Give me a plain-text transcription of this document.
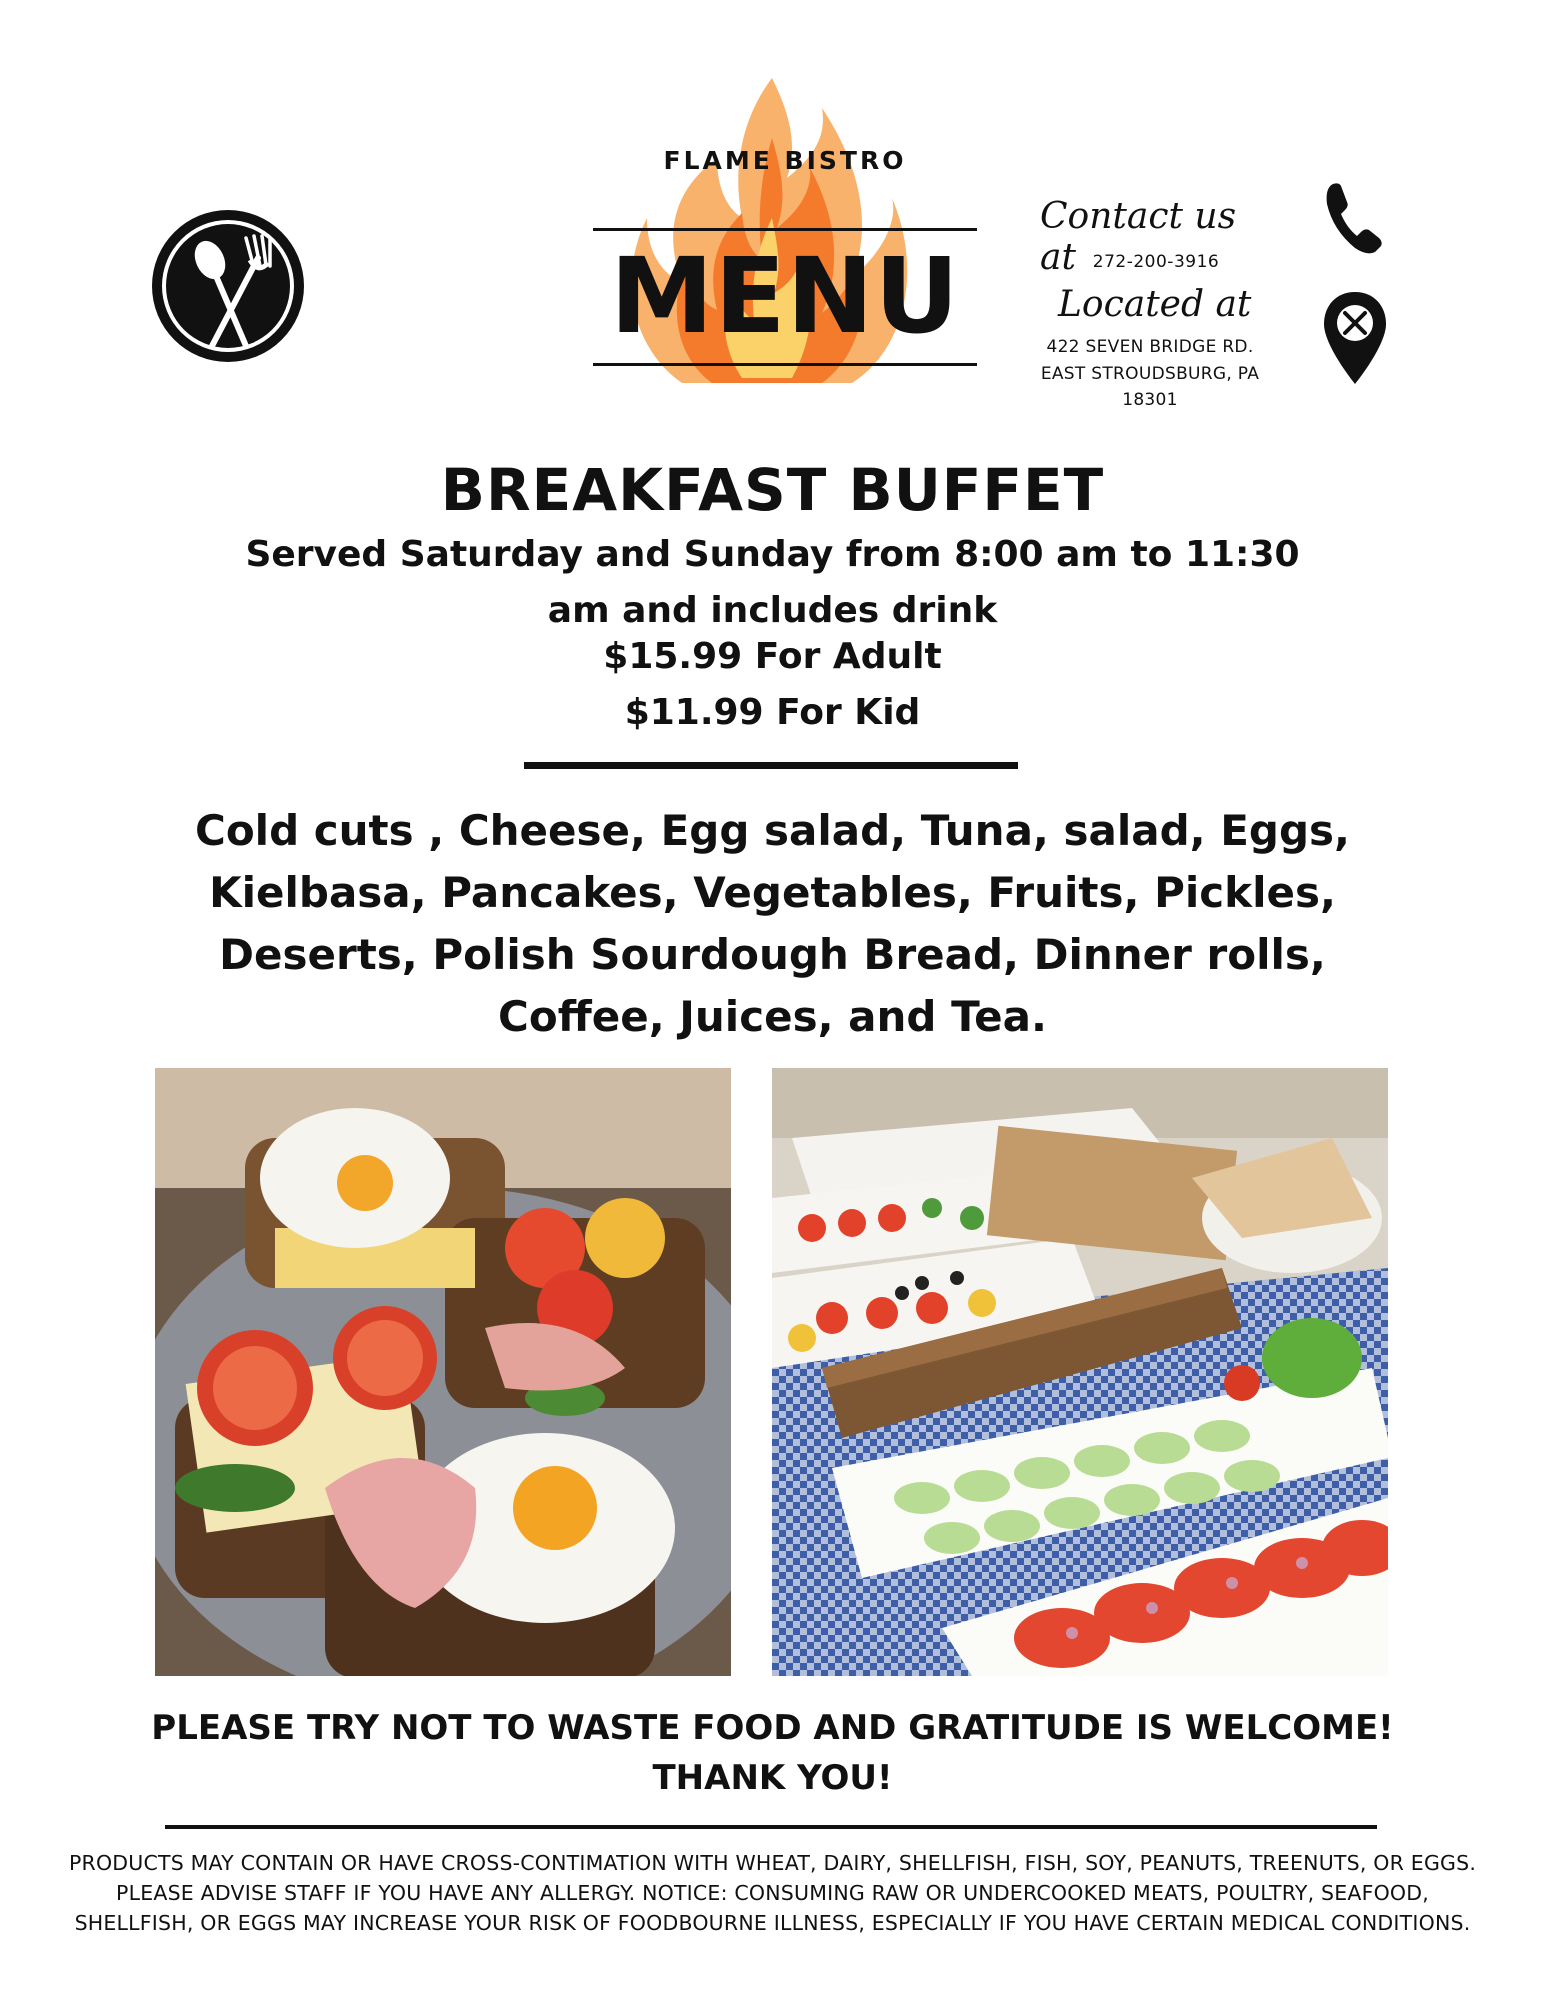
FLAME BISTRO
MENU
Contact us at 272-200-3916
Located at
422 SEVEN BRIDGE RD.
EAST STROUDSBURG, PA
18301
BREAKFAST BUFFET
Served Saturday and Sunday from 8:00 am to 11:30
am and includes drink
$15.99 For Adult
$11.99 For Kid
Cold cuts , Cheese, Egg salad, Tuna, salad, Eggs, Kielbasa, Pancakes, Vegetables, Fruits, Pickles, Deserts, Polish Sourdough Bread, Dinner rolls, Coffee, Juices, and Tea.
PLEASE TRY NOT TO WASTE FOOD AND GRATITUDE IS WELCOME!
THANK YOU!
PRODUCTS MAY CONTAIN OR HAVE CROSS-CONTIMATION WITH WHEAT, DAIRY, SHELLFISH, FISH, SOY, PEANUTS, TREENUTS, OR EGGS. PLEASE ADVISE STAFF IF YOU HAVE ANY ALLERGY. NOTICE: CONSUMING RAW OR UNDERCOOKED MEATS, POULTRY, SEAFOOD, SHELLFISH, OR EGGS MAY INCREASE YOUR RISK OF FOODBOURNE ILLNESS, ESPECIALLY IF YOU HAVE CERTAIN MEDICAL CONDITIONS.
